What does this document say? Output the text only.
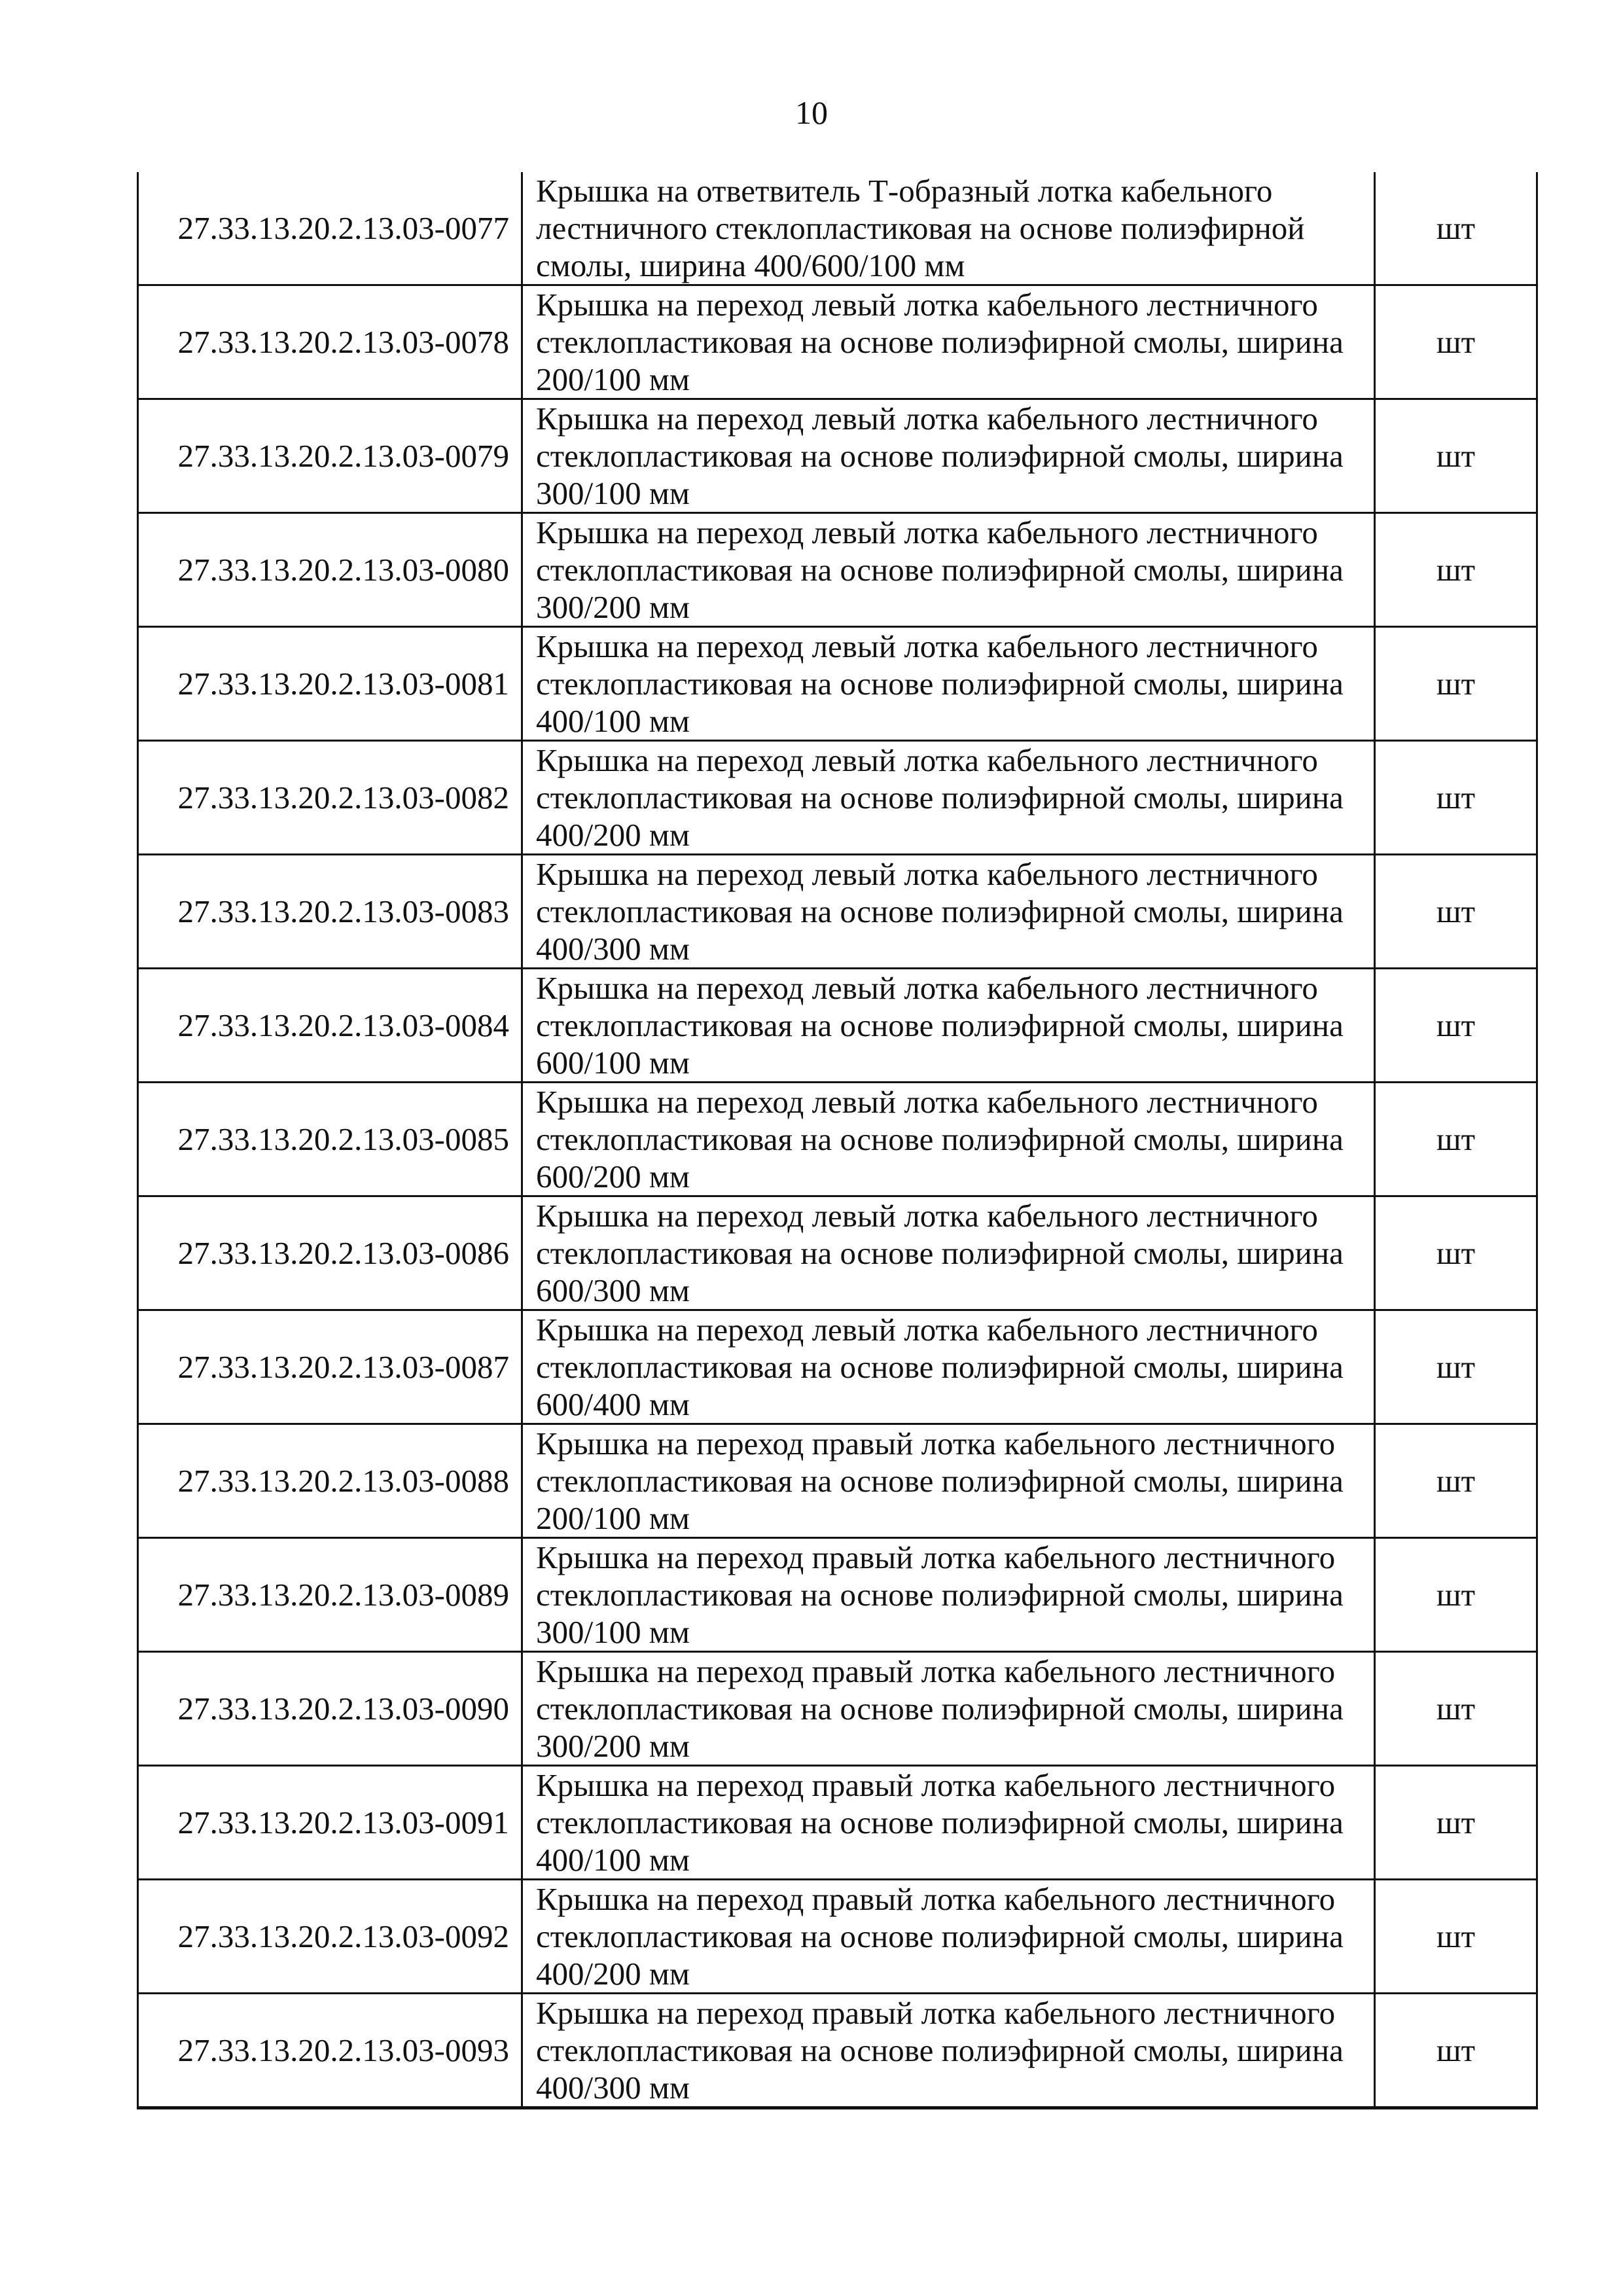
10
27.33.13.20.2.13.03-0077	Крышка на ответвитель Т-образный лотка кабельного лестничного стеклопластиковая на основе полиэфирной смолы, ширина 400/600/100 мм	шт
27.33.13.20.2.13.03-0078	Крышка на переход левый лотка кабельного лестничного стеклопластиковая на основе полиэфирной смолы, ширина 200/100 мм	шт
27.33.13.20.2.13.03-0079	Крышка на переход левый лотка кабельного лестничного стеклопластиковая на основе полиэфирной смолы, ширина 300/100 мм	шт
27.33.13.20.2.13.03-0080	Крышка на переход левый лотка кабельного лестничного стеклопластиковая на основе полиэфирной смолы, ширина 300/200 мм	шт
27.33.13.20.2.13.03-0081	Крышка на переход левый лотка кабельного лестничного стеклопластиковая на основе полиэфирной смолы, ширина 400/100 мм	шт
27.33.13.20.2.13.03-0082	Крышка на переход левый лотка кабельного лестничного стеклопластиковая на основе полиэфирной смолы, ширина 400/200 мм	шт
27.33.13.20.2.13.03-0083	Крышка на переход левый лотка кабельного лестничного стеклопластиковая на основе полиэфирной смолы, ширина 400/300 мм	шт
27.33.13.20.2.13.03-0084	Крышка на переход левый лотка кабельного лестничного стеклопластиковая на основе полиэфирной смолы, ширина 600/100 мм	шт
27.33.13.20.2.13.03-0085	Крышка на переход левый лотка кабельного лестничного стеклопластиковая на основе полиэфирной смолы, ширина 600/200 мм	шт
27.33.13.20.2.13.03-0086	Крышка на переход левый лотка кабельного лестничного стеклопластиковая на основе полиэфирной смолы, ширина 600/300 мм	шт
27.33.13.20.2.13.03-0087	Крышка на переход левый лотка кабельного лестничного стеклопластиковая на основе полиэфирной смолы, ширина 600/400 мм	шт
27.33.13.20.2.13.03-0088	Крышка на переход правый лотка кабельного лестничного стеклопластиковая на основе полиэфирной смолы, ширина 200/100 мм	шт
27.33.13.20.2.13.03-0089	Крышка на переход правый лотка кабельного лестничного стеклопластиковая на основе полиэфирной смолы, ширина 300/100 мм	шт
27.33.13.20.2.13.03-0090	Крышка на переход правый лотка кабельного лестничного стеклопластиковая на основе полиэфирной смолы, ширина 300/200 мм	шт
27.33.13.20.2.13.03-0091	Крышка на переход правый лотка кабельного лестничного стеклопластиковая на основе полиэфирной смолы, ширина 400/100 мм	шт
27.33.13.20.2.13.03-0092	Крышка на переход правый лотка кабельного лестничного стеклопластиковая на основе полиэфирной смолы, ширина 400/200 мм	шт
27.33.13.20.2.13.03-0093	Крышка на переход правый лотка кабельного лестничного стеклопластиковая на основе полиэфирной смолы, ширина 400/300 мм	шт
